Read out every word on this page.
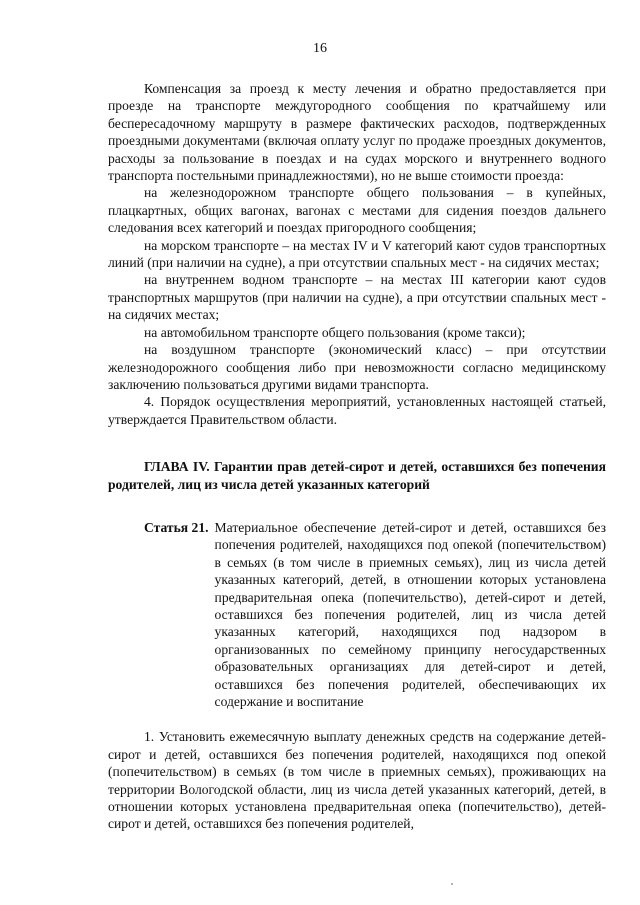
16

Компенсация за проезд к месту лечения и обратно предоставляется при проезде на транспорте междугородного сообщения по кратчайшему или беспересадочному маршруту в размере фактических расходов, подтвержденных проездными документами (включая оплату услуг по продаже проездных документов, расходы за пользование в поездах и на судах морского и внутреннего водного транспорта постельными принадлежностями), но не выше стоимости проезда:

на железнодорожном транспорте общего пользования – в купейных, плацкартных, общих вагонах, вагонах с местами для сидения поездов дальнего следования всех категорий и поездах пригородного сообщения;

на морском транспорте – на местах IV и V категорий кают судов транспортных линий (при наличии на судне), а при отсутствии спальных мест - на сидячих местах;

на внутреннем водном транспорте – на местах III категории кают судов транспортных маршрутов (при наличии на судне), а при отсутствии спальных мест - на сидячих местах;

на автомобильном транспорте общего пользования (кроме такси);

на воздушном транспорте (экономический класс) – при отсутствии железнодорожного сообщения либо при невозможности согласно медицинскому заключению пользоваться другими видами транспорта.

4. Порядок осуществления мероприятий, установленных настоящей статьей, утверждается Правительством области.

ГЛАВА IV. Гарантии прав детей-сирот и детей, оставшихся без попечения родителей, лиц из числа детей указанных категорий

Статья 21. Материальное обеспечение детей-сирот и детей, оставшихся без попечения родителей, находящихся под опекой (попечительством) в семьях (в том числе в приемных семьях), лиц из числа детей указанных категорий, детей, в отношении которых установлена предварительная опека (попечительство), детей-сирот и детей, оставшихся без попечения родителей, лиц из числа детей указанных категорий, находящихся под надзором в организованных по семейному принципу негосударственных образовательных организациях для детей-сирот и детей, оставшихся без попечения родителей, обеспечивающих их содержание и воспитание

1. Установить ежемесячную выплату денежных средств на содержание детей-сирот и детей, оставшихся без попечения родителей, находящихся под опекой (попечительством) в семьях (в том числе в приемных семьях), проживающих на территории Вологодской области, лиц из числа детей указанных категорий, детей, в отношении которых установлена предварительная опека (попечительство), детей-сирот и детей, оставшихся без попечения родителей,
